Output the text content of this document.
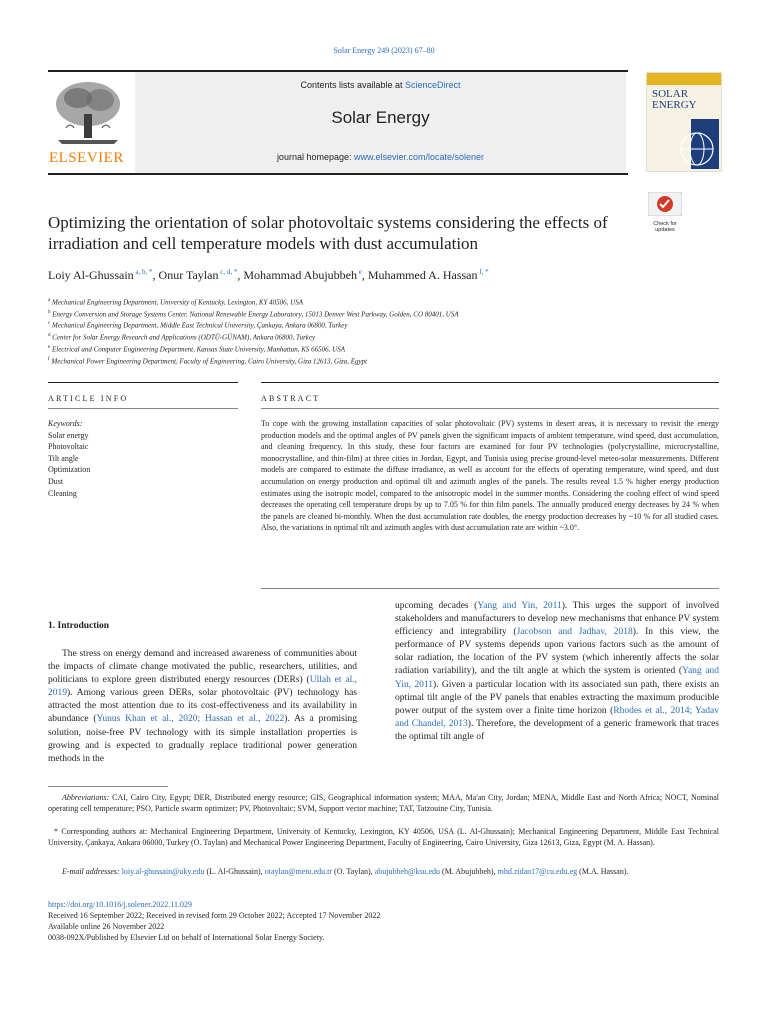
Solar Energy 249 (2023) 67–80
Contents lists available at ScienceDirect
Solar Energy
journal homepage: www.elsevier.com/locate/solener
ELSEVIER
SOLAR
ENERGY
Check for updates
Optimizing the orientation of solar photovoltaic systems considering the effects of irradiation and cell temperature models with dust accumulation
Loiy Al-Ghussain $^{a, b, *}$, Onur Taylan $^{c, d, *}$, Mohammad Abujubbeh $^e$, Muhammed A. Hassan $^{f, *}$
$^a$ Mechanical Engineering Department, University of Kentucky, Lexington, KY 40506, USA
$^b$ Energy Conversion and Storage Systems Center, National Renewable Energy Laboratory, 15013 Denver West Parkway, Golden, CO 80401, USA
$^c$ Mechanical Engineering Department, Middle East Technical University, Çankaya, Ankara 06800, Turkey
$^d$ Center for Solar Energy Research and Applications (ODTÜ-GÜNAM), Ankara 06800, Turkey
$^e$ Electrical and Computer Engineering Department, Kansas State University, Manhattan, KS 66506, USA
$^f$ Mechanical Power Engineering Department, Faculty of Engineering, Cairo University, Giza 12613, Giza, Egypt
ARTICLE INFO	ABSTRACT
Keywords:
Solar energy
Photovoltaic
Tilt angle
Optimization
Dust
Cleaning
To cope with the growing installation capacities of solar photovoltaic (PV) systems in desert areas, it is necessary to revisit the energy production models and the optimal angles of PV panels given the significant impacts of ambient temperature, wind speed, dust accumulation, and cleaning frequency. In this study, these four factors are examined for four PV technologies (polycrystalline, microcrystalline, monocrystalline, and thin-film) at three cities in Jordan, Egypt, and Tunisia using precise ground-level meteo-solar measurements. Different models are compared to estimate the diffuse irradiance, as well as account for the effects of operating temperature, wind speed, and dust accumulation on energy production and optimal tilt and azimuth angles of the panels. The results reveal 1.5 % higher energy production estimates using the isotropic model, compared to the anisotropic model in the summer months. Considering the cooling effect of wind speed decreases the operating cell temperature drops by up to 7.05 % for thin film panels. The annually produced energy decreases by 24 % when the panels are cleaned bi-monthly. When the dust accumulation rate doubles, the energy production decreases by ~10 % for all studied cases. Also, the variations in optimal tilt and azimuth angles with dust accumulation rate are within ~3.0°.
1. Introduction
The stress on energy demand and increased awareness of communities about the impacts of climate change motivated the public, researchers, utilities, and politicians to explore green distributed energy resources (DERs) (Ullah et al., 2019). Among various green DERs, solar photovoltaic (PV) technology has attracted the most attention due to its cost-effectiveness and its availability in abundance (Yunus Khan et al., 2020; Hassan et al., 2022). As a promising solution, noise-free PV technology with its simple installation properties is growing and is expected to gradually replace traditional power generation methods in the
upcoming decades (Yang and Yin, 2011). This urges the support of involved stakeholders and manufacturers to develop new mechanisms that enhance PV system efficiency and integrability (Jacobson and Jadhav, 2018). In this view, the performance of PV systems depends upon various factors such as the amount of solar radiation, the location of the PV system (which inherently affects the solar radiation variability), and the tilt angle at which the system is oriented (Yang and Yin, 2011). Given a particular location with its associated sun path, there exists an optimal tilt angle of the PV panels that enables extracting the maximum producible power output of the system over a finite time horizon (Rhodes et al., 2014; Yadav and Chandel, 2013). Therefore, the development of a generic framework that traces the optimal tilt angle of
Abbreviations: CAI, Cairo City, Egypt; DER, Distributed energy resource; GIS, Geographical information system; MAA, Ma'an City, Jordan; MENA, Middle East and North Africa; NOCT, Nominal operating cell temperature; PSO, Particle swarm optimizer; PV, Photovoltaic; SVM, Support vector machine; TAT, Tatzouine City, Tunisia.
* Corresponding authors at: Mechanical Engineering Department, University of Kentucky, Lexington, KY 40506, USA (L. Al-Ghussain); Mechanical Engineering Department, Middle East Technical University, Çankaya, Ankara 06000, Turkey (O. Taylan) and Mechanical Power Engineering Department, Faculty of Engineering, Cairo University, Giza 12613, Giza, Egypt (M. A. Hassan).
E-mail addresses: loiy.al-ghussain@uky.edu (L. Al-Ghussain), otaylan@metu.edu.tr (O. Taylan), abujubbeh@ksu.edu (M. Abujubbeh), mhd.zidan17@cu.edu.eg (M.A. Hassan).
https://doi.org/10.1016/j.solener.2022.11.029
Received 16 September 2022; Received in revised form 29 October 2022; Accepted 17 November 2022
Available online 26 November 2022
0038-092X/Published by Elsevier Ltd on behalf of International Solar Energy Society.
